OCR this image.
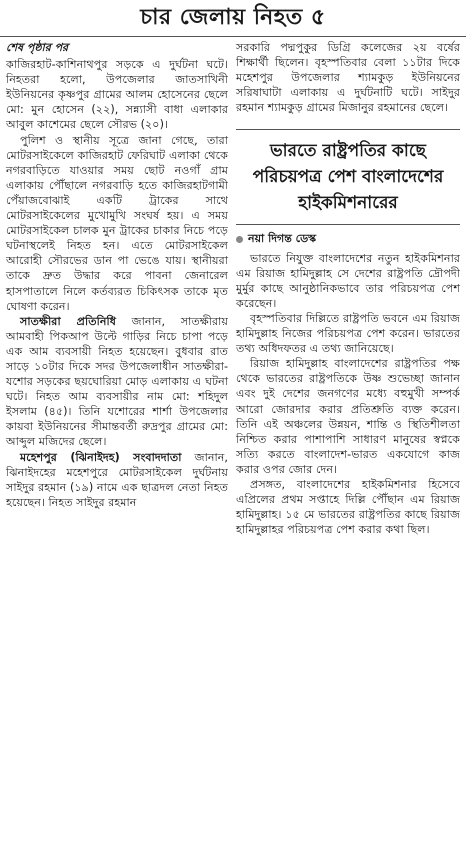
চার জেলায় নিহত ৫
শেষ পৃষ্ঠার পর

কাজিরহাট-কাশিনাথপুর সড়কে এ দুর্ঘটনা ঘটে। নিহতরা হলো, উপজেলার জাতসাখিনী ইউনিয়নের কৃষ্ণপুর গ্রামের আলম হোসেনের ছেলে মো: মুন হোসেন (২২), সন্ন্যাসী বাধা এলাকার আবুল কাশেমের ছেলে সৌরভ (২০)।

পুলিশ ও স্থানীয় সূত্রে জানা গেছে, তারা মোটরসাইকেলে কাজিরহাট ফেরিঘাট এলাকা থেকে নগরবাড়িতে যাওয়ার সময় ছোট নওগাঁ গ্রাম এলাকায় পৌঁছালে নগরবাড়ি হতে কাজিরহাটগামী পেঁয়াজবোঝাই একটি ট্রাকের সাথে মোটরসাইকেলের মুখোমুখি সংঘর্ষ হয়। এ সময় মোটরসাইকেল চালক মুন ট্রাকের চাকার নিচে পড়ে ঘটনাস্থলেই নিহত হন। এতে মোটরসাইকেল আরোহী সৌরভের ডান পা ভেঙে যায়। স্থানীয়রা তাকে দ্রুত উদ্ধার করে পাবনা জেনারেল হাসপাতালে নিলে কর্তব্যরত চিকিৎসক তাকে মৃত ঘোষণা করেন।

সাতক্ষীরা প্রতিনিধি জানান, সাতক্ষীরায় আমবাহী পিকআপ উল্টে গাড়ির নিচে চাপা পড়ে এক আম ব্যবসায়ী নিহত হয়েছেন। বুধবার রাত সাড়ে ১০টার দিকে সদর উপজেলাধীন সাতক্ষীরা-যশোর সড়কের ছয়ঘোরিয়া মোড় এলাকায় এ ঘটনা ঘটে। নিহত আম ব্যবসায়ীর নাম মো: শহিদুল ইসলাম (৪৫)। তিনি যশোরের শার্শা উপজেলার কায়বা ইউনিয়নের সীমান্তবর্তী রুদ্রপুর গ্রামের মো: আব্দুল মজিদের ছেলে।

মহেশপুর (ঝিনাইদহ) সংবাদদাতা জানান, ঝিনাইদহের মহেশপুরে মোটরসাইকেল দুর্ঘটনায় সাইদুর রহমান (১৯) নামে এক ছাত্রদল নেতা নিহত হয়েছেন। নিহত সাইদুর রহমান

সরকারি পদ্মপুকুর ডিগ্রি কলেজের ২য় বর্ষের শিক্ষার্থী ছিলেন। বৃহস্পতিবার বেলা ১১টার দিকে মহেশপুর উপজেলার শ্যামকুড় ইউনিয়নের সরিষাঘাটা এলাকায় এ দুর্ঘটনাটি ঘটে। সাইদুর রহমান শ্যামকুড় গ্রামের মিজানুর রহমানের ছেলে।

ভারতে রাষ্ট্রপতির কাছে পরিচয়পত্র পেশ বাংলাদেশের হাইকমিশনারের
নয়া দিগন্ত ডেস্ক

ভারতে নিযুক্ত বাংলাদেশের নতুন হাইকমিশনার এম রিয়াজ হামিদুল্লাহ সে দেশের রাষ্ট্রপতি দ্রৌপদী মুর্মুর কাছে আনুষ্ঠানিকভাবে তার পরিচয়পত্র পেশ করেছেন।

বৃহস্পতিবার দিল্লিতে রাষ্ট্রপতি ভবনে এম রিয়াজ হামিদুল্লাহ নিজের পরিচয়পত্র পেশ করেন। ভারতের তথ্য অধিদফতর এ তথ্য জানিয়েছে।

রিয়াজ হামিদুল্লাহ বাংলাদেশের রাষ্ট্রপতির পক্ষ থেকে ভারতের রাষ্ট্রপতিকে উষ্ণ শুভেচ্ছা জানান এবং দুই দেশের জনগণের মধ্যে বহুমুখী সম্পর্ক আরো জোরদার করার প্রতিশ্রুতি ব্যক্ত করেন। তিনি এই অঞ্চলের উন্নয়ন, শান্তি ও স্থিতিশীলতা নিশ্চিত করার পাশাপাশি সাধারণ মানুষের স্বপ্নকে সত্যি করতে বাংলাদেশ-ভারত একযোগে কাজ করার ওপর জোর দেন।

প্রসঙ্গত, বাংলাদেশের হাইকমিশনার হিসেবে এপ্রিলের প্রথম সপ্তাহে দিল্লি পৌঁছান এম রিয়াজ হামিদুল্লাহ। ১৫ মে ভারতের রাষ্ট্রপতির কাছে রিয়াজ হামিদুল্লাহর পরিচয়পত্র পেশ করার কথা ছিল।
